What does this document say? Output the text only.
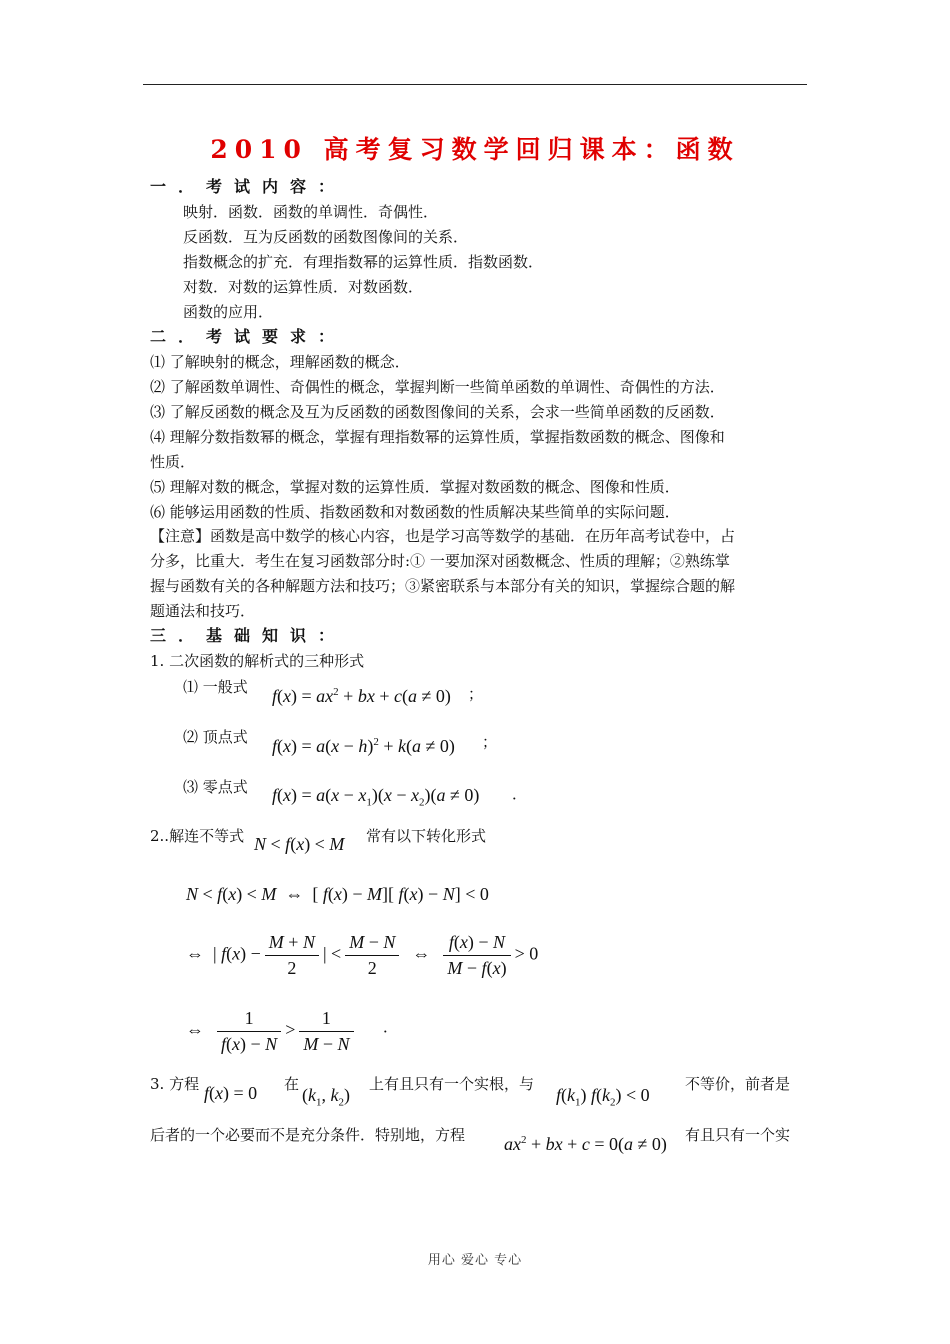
2010 高考复习数学回归课本：函数
一．考试内容：
映射．函数．函数的单调性．奇偶性．
反函数．互为反函数的函数图像间的关系．
指数概念的扩充．有理指数幂的运算性质．指数函数．
对数．对数的运算性质．对数函数．
函数的应用．
二．考试要求：
⑴ 了解映射的概念，理解函数的概念．
⑵ 了解函数单调性、奇偶性的概念，掌握判断一些简单函数的单调性、奇偶性的方法．
⑶ 了解反函数的概念及互为反函数的函数图像间的关系，会求一些简单函数的反函数．
⑷ 理解分数指数幂的概念，掌握有理指数幂的运算性质，掌握指数函数的概念、图像和
性质．
⑸ 理解对数的概念，掌握对数的运算性质．掌握对数函数的概念、图像和性质．
⑹ 能够运用函数的性质、指数函数和对数函数的性质解决某些简单的实际问题．
【注意】函数是高中数学的核心内容，也是学习高等数学的基础．在历年高考试卷中，占
分多，比重大．考生在复习函数部分时:① 一要加深对函数概念、性质的理解；②熟练掌
握与函数有关的各种解题方法和技巧；③紧密联系与本部分有关的知识，掌握综合题的解
题通法和技巧．
三．基础知识：
1. 二次函数的解析式的三种形式
⑴ 一般式 $f(x) = ax^2$ + bx + c(a ≠ 0) ；
⑵ 顶点式 $f(x) = a(x - h)^2 + k(a \ne 0)$ ；
⑶ 零点式 $f(x) = a(x - x_1)(x - x_2)(a \ne 0)$ ．
2..解连不等式 N < f(x) < M 常有以下转化形式
N < f(x) < M  ⇔  [ f(x) − M][ f(x) − N] < 0
⇔  | $f(x) - \frac{M + N}{2}$ | < $\frac{M - N}{2}$ ⇔ $\frac{f(x) - N}{M - f(x)} > 0$
⇔ $\frac{1}{f(x) - N} > \frac{1}{M - N}$ ．
3. 方程 f(x) = 0 在
($k_1$, $k_2$)
上有且只有一个实根，与
$f(k_1) f(k_2) < 0$
不等价，前者是
后者的一个必要而不是充分条件．特别地，方程 $ax^2$ + bx + c = 0(a ≠ 0) 有且只有一个实
用心 爱心 专心
